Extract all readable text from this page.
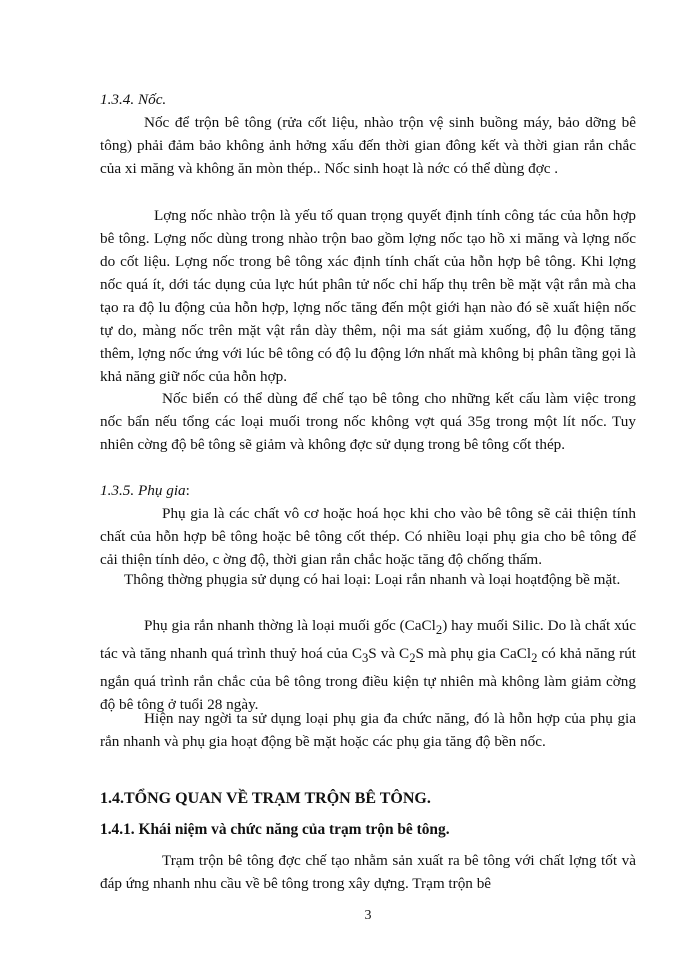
1.3.4. Nốc.

Nốc để trộn bê tông (rửa cốt liệu, nhào trộn vệ sinh buồng máy, bảo dỡng bê tông) phải đảm bảo không ảnh hởng xấu đến thời gian đông kết và thời gian rắn chắc của xi măng và không ăn mòn thép.. Nốc sinh hoạt là nớc có thể dùng đợc .

Lợng nốc nhào trộn là yếu tố quan trọng quyết định tính công tác của hỗn hợp bê tông. Lợng nốc dùng trong nhào trộn bao gồm lợng nốc tạo hồ xi măng và lợng nốc do cốt liệu. Lợng nốc trong bê tông xác định tính chất của hỗn hợp bê tông. Khi lợng nốc quá ít, dới tác dụng của lực hút phân tử nốc chỉ hấp thụ trên bề mặt vật rắn mà cha tạo ra độ lu động của hỗn hợp, lợng nốc tăng đến một giới hạn nào đó sẽ xuất hiện nốc tự do, màng nốc trên mặt vật rắn dày thêm, nội ma sát giảm xuống, độ lu động tăng thêm, lợng nốc ứng với lúc bê tông có độ lu động lớn nhất mà không bị phân tầng gọi là khả năng giữ nốc của hỗn hợp.

Nốc biển có thể dùng để chế tạo bê tông cho những kết cấu làm việc trong nốc bẩn nếu tổng các loại muối trong nốc không vợt quá 35g trong một lít nốc. Tuy nhiên cờng độ bê tông sẽ giảm và không đợc sử dụng trong bê tông cốt thép.

1.3.5. Phụ gia:

Phụ gia là các chất vô cơ hoặc hoá học khi cho vào bê tông sẽ cải thiện tính chất của hỗn hợp bê tông hoặc bê tông cốt thép. Có nhiều loại phụ gia cho bê tông để cải thiện tính dẻo, c ờng độ, thời gian rắn chắc hoặc tăng độ chống thấm.

Thông thờng phụgia sử dụng có hai loại: Loại rắn nhanh và loại hoạtđộng bề mặt.

Phụ gia rắn nhanh thờng là loại muối gốc (CaCl$_2$) hay muối Silic. Do là chất xúc tác và tăng nhanh quá trình thuỷ hoá của $C_3S$ và $C_2S$ mà phụ gia CaCl$_2$ có khả năng rút ngắn quá trình rắn chắc của bê tông trong điều kiện tự nhiên mà không làm giảm cờng độ bê tông ở tuổi 28 ngày.

Hiện nay ngời ta sử dụng loại phụ gia đa chức năng, đó là hỗn hợp của phụ gia rắn nhanh và phụ gia hoạt động bề mặt hoặc các phụ gia tăng độ bền nốc.

1.4.TỔNG QUAN VỀ TRẠM TRỘN BÊ TÔNG.
1.4.1. Khái niệm và chức năng của trạm trộn bê tông.

Trạm trộn bê tông đợc chế tạo nhằm sản xuất ra bê tông với chất lợng tốt và đáp ứng nhanh nhu cầu về bê tông trong xây dựng. Trạm trộn bê

3
